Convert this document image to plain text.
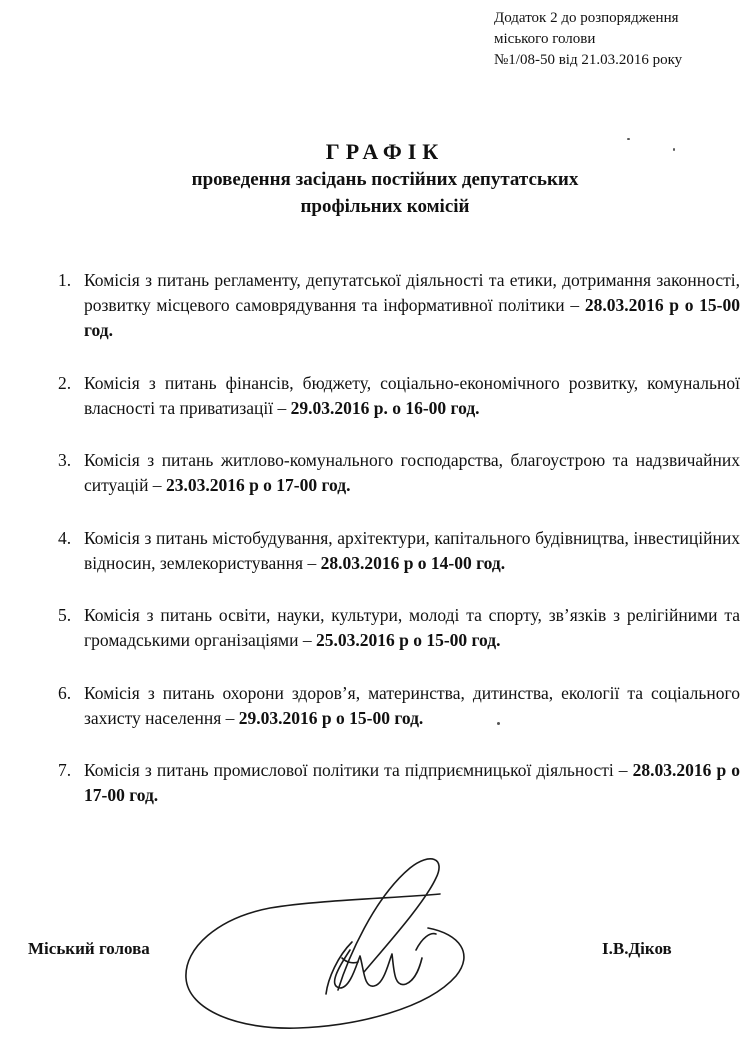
Додаток 2 до розпорядження
міського голови
№1/08-50 від 21.03.2016 року
ГРАФІК
проведення засідань постійних депутатських
профільних комісій
1. Комісія з питань регламенту, депутатської діяльності та етики, дотримання законності, розвитку місцевого самоврядування та інформативної політики – 28.03.2016 р о 15-00 год.
2. Комісія з питань фінансів, бюджету, соціально-економічного розвитку, комунальної власності та приватизації – 29.03.2016 р. о 16-00 год.
3. Комісія з питань житлово-комунального господарства, благоустрою та надзвичайних ситуацій – 23.03.2016 р о 17-00 год.
4. Комісія з питань містобудування, архітектури, капітального будівництва, інвестиційних відносин, землекористування – 28.03.2016 р о 14-00 год.
5. Комісія з питань освіти, науки, культури, молоді та спорту, зв’язків з релігійними та громадськими організаціями – 25.03.2016 р о 15-00 год.
6. Комісія з питань охорони здоров’я, материнства, дитинства, екології та соціального захисту населення – 29.03.2016 р о 15-00 год.
7. Комісія з питань промислової політики та підприємницької діяльності – 28.03.2016 р о 17-00 год.
Міський голова	І.В.Діков
